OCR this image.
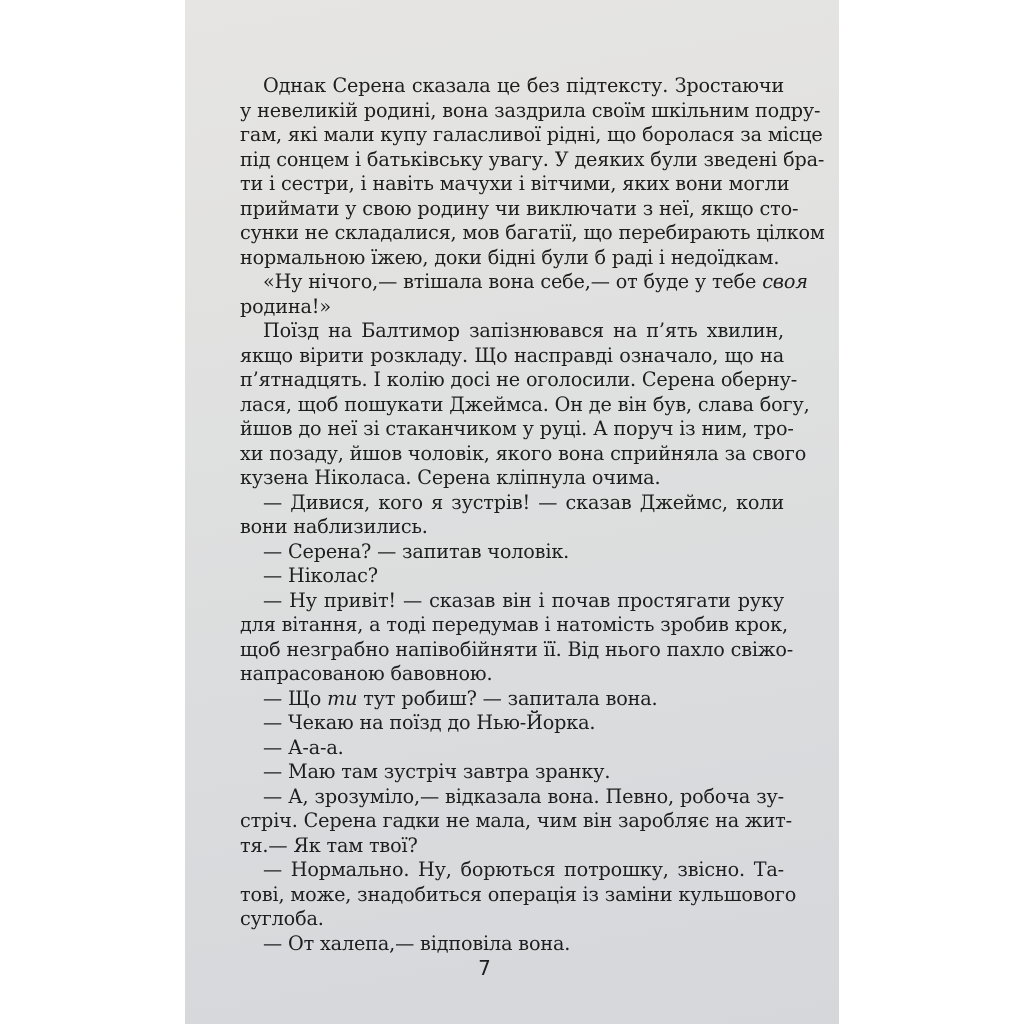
Однак Серена сказала це без підтексту. Зростаючи
у невеликій родині, вона заздрила своїм шкільним подру-
гам, які мали купу галасливої рідні, що боролася за місце
під сонцем і батьківську увагу. У деяких були зведені бра-
ти і сестри, і навіть мачухи і вітчими, яких вони могли
приймати у свою родину чи виключати з неї, якщо сто-
сунки не складалися, мов багатії, що перебирають цілком
нормальною їжею, доки бідні були б раді і недоїдкам.

«Ну нічого,— втішала вона себе,— от буде у тебе своя
родина!»

Поїзд на Балтимор запізнювався на п’ять хвилин,
якщо вірити розкладу. Що насправді означало, що на
п’ятнадцять. І колію досі не оголосили. Серена оберну-
лася, щоб пошукати Джеймса. Он де він був, слава богу,
йшов до неї зі стаканчиком у руці. А поруч із ним, тро-
хи позаду, йшов чоловік, якого вона сприйняла за свого
кузена Ніколаса. Серена кліпнула очима.

— Дивися, кого я зустрів! — сказав Джеймс, коли
вони наблизились.

— Серена? — запитав чоловік.

— Ніколас?

— Ну привіт! — сказав він і почав простягати руку
для вітання, а тоді передумав і натомість зробив крок,
щоб незграбно напівобійняти її. Від нього пахло свіжо-
напрасованою бавовною.

— Що ти тут робиш? — запитала вона.

— Чекаю на поїзд до Нью-Йорка.

— А-а-а.

— Маю там зустріч завтра зранку.

— А, зрозуміло,— відказала вона. Певно, робоча зу-
стріч. Серена гадки не мала, чим він заробляє на жит-
тя.— Як там твої?

— Нормально. Ну, борються потрошку, звісно. Та-
тові, може, знадобиться операція із заміни кульшового
суглоба.

— От халепа,— відповіла вона.

7
